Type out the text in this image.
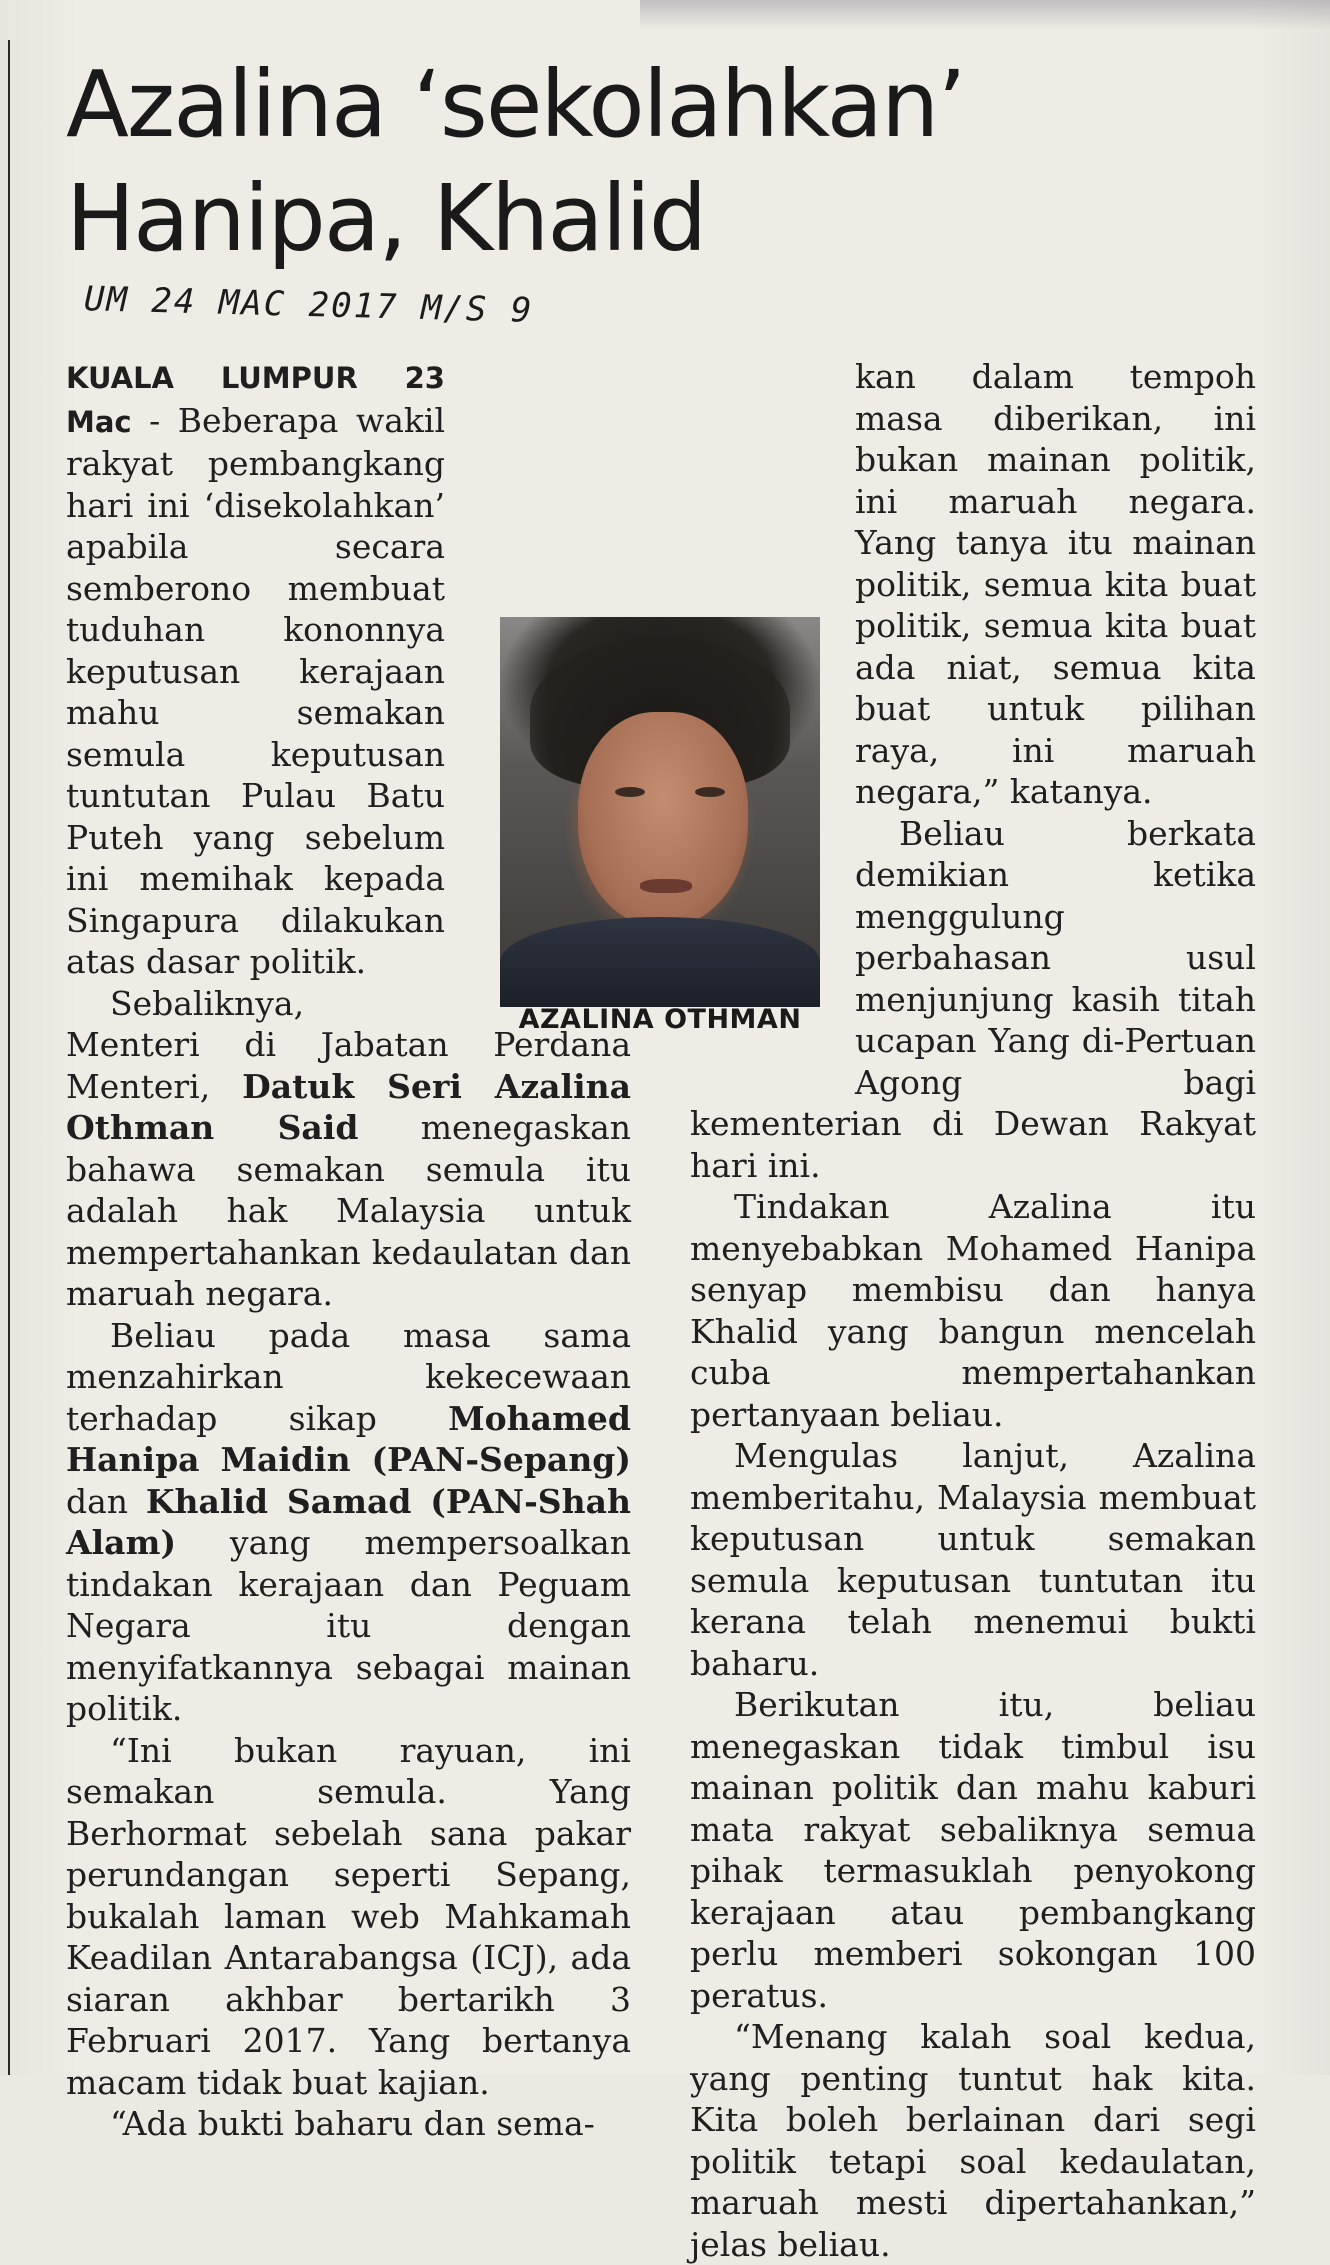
Azalina ‘sekolahkan’
Hanipa, Khalid
UM 24 MAC 2017 M/S 9

KUALA LUMPUR 23 Mac - Beberapa wakil rakyat pembangkang hari ini ‘disekolahkan’ apabila secara semberono membuat tuduhan kononnya keputusan kerajaan mahu semakan semula keputusan tuntutan Pulau Batu Puteh yang sebelum ini memihak kepada Singapura dilakukan atas dasar politik.

Sebaliknya, Menteri di Jabatan Perdana Menteri, Datuk Seri Azalina Othman Said menegaskan bahawa semakan semula itu adalah hak Malaysia untuk mempertahankan kedaulatan dan maruah negara.

Beliau pada masa sama menzahirkan kekecewaan terhadap sikap Mohamed Hanipa Maidin (PAN-Sepang) dan Khalid Samad (PAN-Shah Alam) yang mempersoalkan tindakan kerajaan dan Peguam Negara itu dengan menyifatkannya sebagai mainan politik.

“Ini bukan rayuan, ini semakan semula. Yang Berhormat sebelah sana pakar perundangan seperti Sepang, bukalah laman web Mahkamah Keadilan Antarabangsa (ICJ), ada siaran akhbar bertarikh 3 Februari 2017. Yang bertanya macam tidak buat kajian.

“Ada bukti baharu dan sema-

kan dalam tempoh masa diberikan, ini bukan mainan politik, ini maruah negara. Yang tanya itu mainan politik, semua kita buat politik, semua kita buat ada niat, semua kita buat untuk pilihan raya, ini maruah negara,” katanya.

Beliau berkata demikian ketika menggulung perbahasan usul menjunjung kasih titah ucapan Yang di-Pertuan Agong bagi kementerian di Dewan Rakyat hari ini.

Tindakan Azalina itu menyebabkan Mohamed Hanipa senyap membisu dan hanya Khalid yang bangun mencelah cuba mempertahankan pertanyaan beliau.

Mengulas lanjut, Azalina memberitahu, Malaysia membuat keputusan untuk semakan semula keputusan tuntutan itu kerana telah menemui bukti baharu.

Berikutan itu, beliau menegaskan tidak timbul isu mainan politik dan mahu kaburi mata rakyat sebaliknya semua pihak termasuklah penyokong kerajaan atau pembangkang perlu memberi sokongan 100 peratus.

“Menang kalah soal kedua, yang penting tuntut hak kita. Kita boleh berlainan dari segi politik tetapi soal kedaulatan, maruah mesti dipertahankan,” jelas beliau.

AZALINA OTHMAN
